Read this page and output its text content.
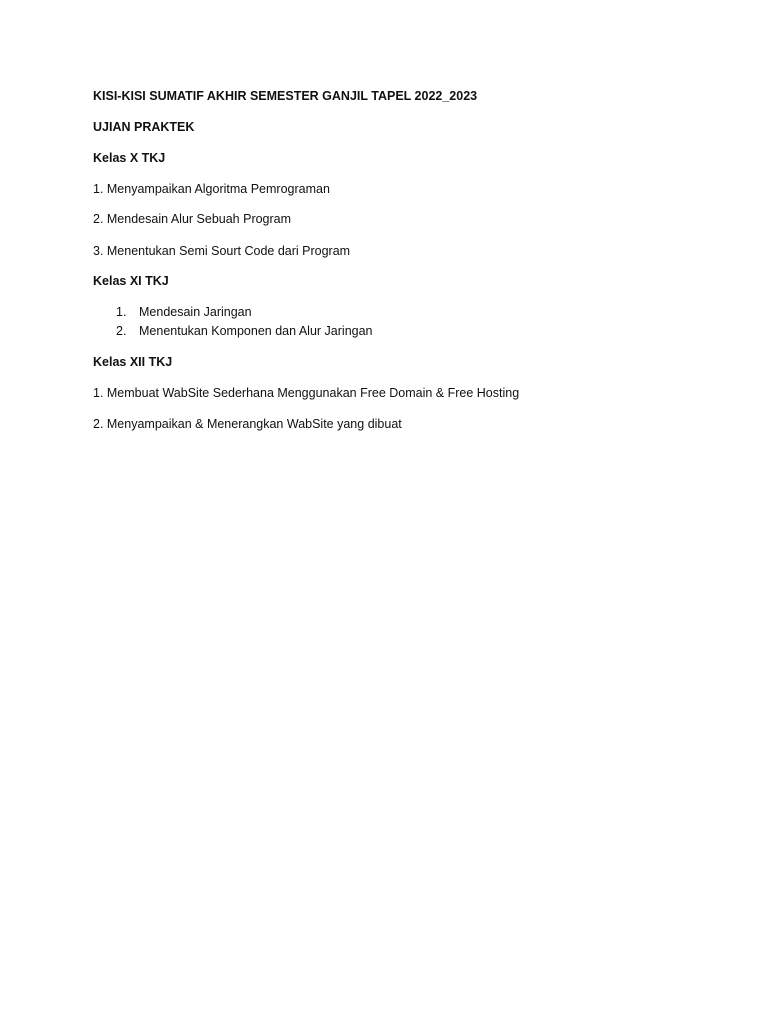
KISI-KISI SUMATIF AKHIR SEMESTER GANJIL TAPEL 2022_2023
UJIAN PRAKTEK
Kelas X TKJ
1. Menyampaikan Algoritma Pemrograman
2. Mendesain Alur Sebuah Program
3. Menentukan Semi Sourt Code dari Program
Kelas XI TKJ
1. Mendesain Jaringan
2. Menentukan Komponen dan Alur Jaringan
Kelas XII TKJ
1. Membuat WabSite Sederhana Menggunakan Free Domain & Free Hosting
2. Menyampaikan & Menerangkan WabSite yang dibuat
